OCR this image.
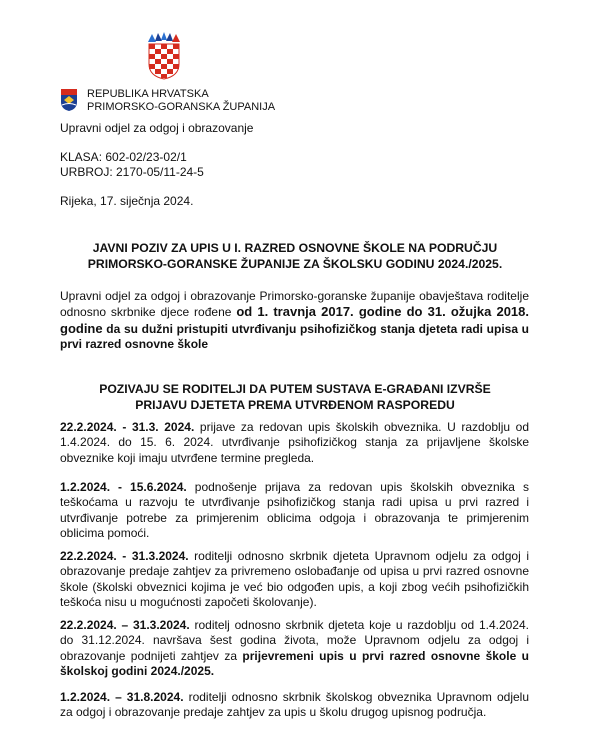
REPUBLIKA HRVATSKA
PRIMORSKO-GORANSKA ŽUPANIJA
Upravni odjel za odgoj i obrazovanje
KLASA: 602-02/23-02/1
URBROJ: 2170-05/11-24-5
Rijeka, 17. siječnja 2024.
JAVNI POZIV ZA UPIS U I. RAZRED OSNOVNE ŠKOLE NA PODRUČJU
PRIMORSKO-GORANSKE ŽUPANIJE ZA ŠKOLSKU GODINU 2024./2025.
Upravni odjel za odgoj i obrazovanje Primorsko-goranske županije obavještava roditelje odnosno skrbnike djece rođene od 1. travnja 2017. godine do 31. ožujka 2018. godine da su dužni pristupiti utvrđivanju psihofizičkog stanja djeteta radi upisa u prvi razred osnovne škole
POZIVAJU SE RODITELJI DA PUTEM SUSTAVA E-GRAĐANI IZVRŠE
PRIJAVU DJETETA PREMA UTVRĐENOM RASPOREDU
22.2.2024. - 31.3. 2024. prijave za redovan upis školskih obveznika. U razdoblju od 1.4.2024. do 15. 6. 2024. utvrđivanje psihofizičkog stanja za prijavljene školske obveznike koji imaju utvrđene termine pregleda.
1.2.2024. - 15.6.2024. podnošenje prijava za redovan upis školskih obveznika s teškoćama u razvoju te utvrđivanje psihofizičkog stanja radi upisa u prvi razred i utvrđivanje potrebe za primjerenim oblicima odgoja i obrazovanja te primjerenim oblicima pomoći.
22.2.2024. - 31.3.2024. roditelji odnosno skrbnik djeteta Upravnom odjelu za odgoj i obrazovanje predaje zahtjev za privremeno oslobađanje od upisa u prvi razred osnovne škole (školski obveznici kojima je već bio odgođen upis, a koji zbog većih psihofizičkih teškoća nisu u mogućnosti započeti školovanje).
22.2.2024. – 31.3.2024. roditelj odnosno skrbnik djeteta koje u razdoblju od 1.4.2024. do 31.12.2024. navršava šest godina života, može Upravnom odjelu za odgoj i obrazovanje podnijeti zahtjev za prijevremeni upis u prvi razred osnovne škole u školskoj godini 2024./2025.
1.2.2024. – 31.8.2024. roditelji odnosno skrbnik školskog obveznika Upravnom odjelu za odgoj i obrazovanje predaje zahtjev za upis u školu drugog upisnog područja.
